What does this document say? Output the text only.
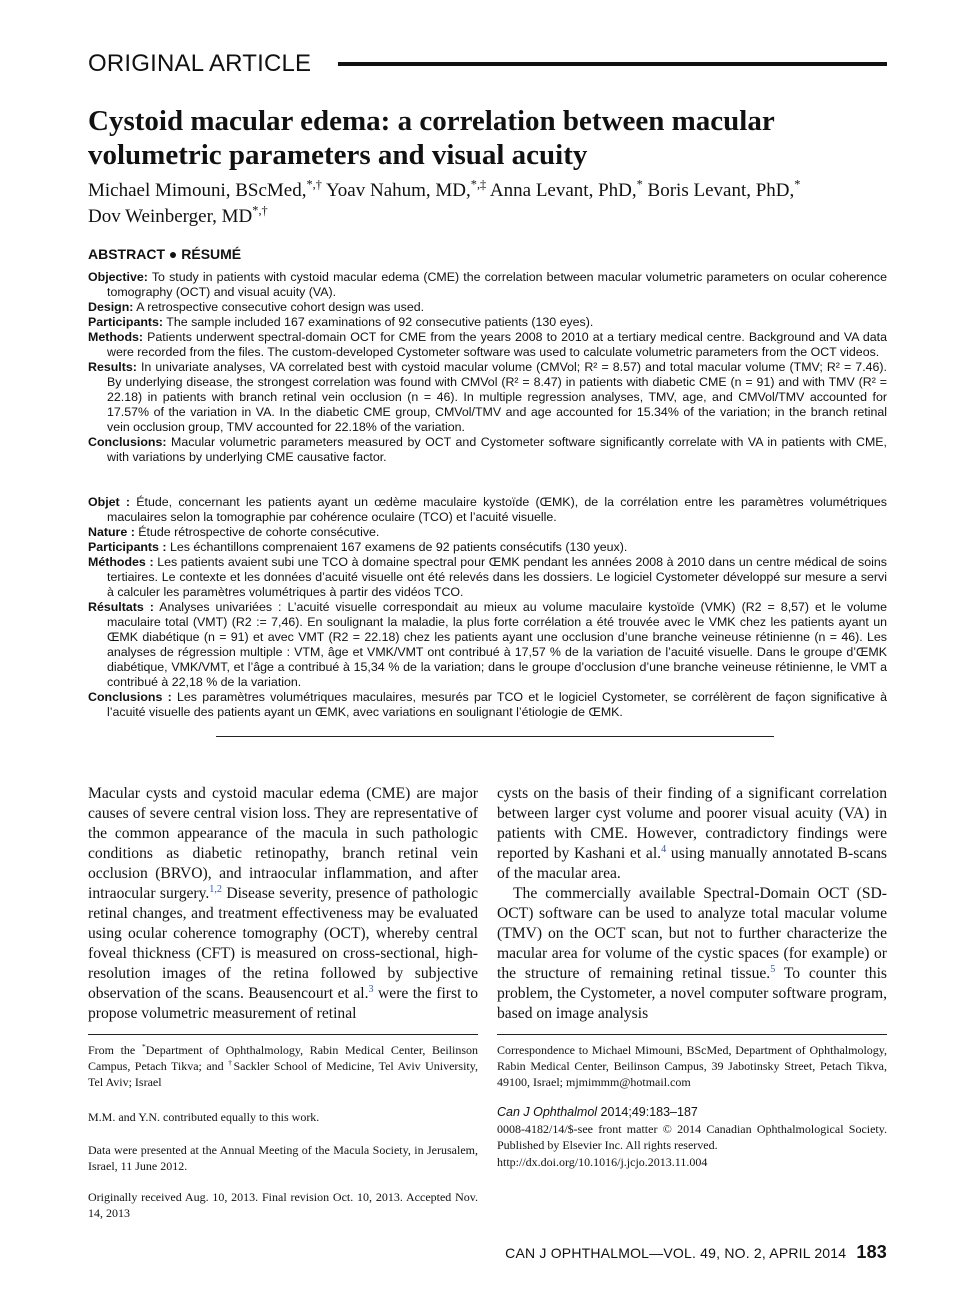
ORIGINAL ARTICLE
Cystoid macular edema: a correlation between macular volumetric parameters and visual acuity
Michael Mimouni, BScMed,*,† Yoav Nahum, MD,*,‡ Anna Levant, PhD,* Boris Levant, PhD,*
Dov Weinberger, MD*,†
ABSTRACT ● RÉSUMÉ

Objective: To study in patients with cystoid macular edema (CME) the correlation between macular volumetric parameters on ocular coherence tomography (OCT) and visual acuity (VA).

Design: A retrospective consecutive cohort design was used.

Participants: The sample included 167 examinations of 92 consecutive patients (130 eyes).

Methods: Patients underwent spectral-domain OCT for CME from the years 2008 to 2010 at a tertiary medical centre. Background and VA data were recorded from the files. The custom-developed Cystometer software was used to calculate volumetric parameters from the OCT videos.

Results: In univariate analyses, VA correlated best with cystoid macular volume (CMVol; R² = 8.57) and total macular volume (TMV; R² = 7.46). By underlying disease, the strongest correlation was found with CMVol (R² = 8.47) in patients with diabetic CME (n = 91) and with TMV (R² = 22.18) in patients with branch retinal vein occlusion (n = 46). In multiple regression analyses, TMV, age, and CMVol/TMV accounted for 17.57% of the variation in VA. In the diabetic CME group, CMVol/TMV and age accounted for 15.34% of the variation; in the branch retinal vein occlusion group, TMV accounted for 22.18% of the variation.

Conclusions: Macular volumetric parameters measured by OCT and Cystometer software significantly correlate with VA in patients with CME, with variations by underlying CME causative factor.

Objet : Étude, concernant les patients ayant un œdème maculaire kystoïde (ŒMK), de la corrélation entre les paramètres volumétriques maculaires selon la tomographie par cohérence oculaire (TCO) et l’acuité visuelle.

Nature : Étude rétrospective de cohorte consécutive.

Participants : Les échantillons comprenaient 167 examens de 92 patients consécutifs (130 yeux).

Méthodes : Les patients avaient subi une TCO à domaine spectral pour ŒMK pendant les années 2008 à 2010 dans un centre médical de soins tertiaires. Le contexte et les données d’acuité visuelle ont été relevés dans les dossiers. Le logiciel Cystometer développé sur mesure a servi à calculer les paramètres volumétriques à partir des vidéos TCO.

Résultats : Analyses univariées : L’acuité visuelle correspondait au mieux au volume maculaire kystoïde (VMK) (R2 = 8,57) et le volume maculaire total (VMT) (R2 := 7,46). En soulignant la maladie, la plus forte corrélation a été trouvée avec le VMK chez les patients ayant un ŒMK diabétique (n = 91) et avec VMT (R2 = 22.18) chez les patients ayant une occlusion d’une branche veineuse rétinienne (n = 46). Les analyses de régression multiple : VTM, âge et VMK/VMT ont contribué à 17,57 % de la variation de l’acuité visuelle. Dans le groupe d’ŒMK diabétique, VMK/VMT, et l’âge a contribué à 15,34 % de la variation; dans le groupe d’occlusion d’une branche veineuse rétinienne, le VMT a contribué à 22,18 % de la variation.

Conclusions : Les paramètres volumétriques maculaires, mesurés par TCO et le logiciel Cystometer, se corrélèrent de façon significative à l’acuité visuelle des patients ayant un ŒMK, avec variations en soulignant l’étiologie de ŒMK.

Macular cysts and cystoid macular edema (CME) are major causes of severe central vision loss. They are representative of the common appearance of the macula in such pathologic conditions as diabetic retinopathy, branch retinal vein occlusion (BRVO), and intraocular inflammation, and after intraocular surgery.$^{1,2}$ Disease severity, presence of pathologic retinal changes, and treatment effectiveness may be evaluated using ocular coherence tomography (OCT), whereby central foveal thickness (CFT) is measured on cross-sectional, high-resolution images of the retina followed by subjective observation of the scans. Beausencourt et al.$^3$ were the first to propose volumetric measurement of retinal

cysts on the basis of their finding of a significant correlation between larger cyst volume and poorer visual acuity (VA) in patients with CME. However, contradictory findings were reported by Kashani et al.$^4$ using manually annotated B-scans of the macular area.

The commercially available Spectral-Domain OCT (SD-OCT) software can be used to analyze total macular volume (TMV) on the OCT scan, but not to further characterize the macular area for volume of the cystic spaces (for example) or the structure of remaining retinal tissue.$^5$ To counter this problem, the Cystometer, a novel computer software program, based on image analysis

From the *Department of Ophthalmology, Rabin Medical Center, Beilinson Campus, Petach Tikva; and †Sackler School of Medicine, Tel Aviv University, Tel Aviv; Israel

M.M. and Y.N. contributed equally to this work.

Data were presented at the Annual Meeting of the Macula Society, in Jerusalem, Israel, 11 June 2012.

Originally received Aug. 10, 2013. Final revision Oct. 10, 2013. Accepted Nov. 14, 2013

Correspondence to Michael Mimouni, BScMed, Department of Ophthalmology, Rabin Medical Center, Beilinson Campus, 39 Jabotinsky Street, Petach Tikva, 49100, Israel; mjmimmm@hotmail.com

Can J Ophthalmol 2014;49:183–187

0008-4182/14/$-see front matter © 2014 Canadian Ophthalmological Society. Published by Elsevier Inc. All rights reserved.

http://dx.doi.org/10.1016/j.jcjo.2013.11.004

CAN J OPHTHALMOL—VOL. 49, NO. 2, APRIL 2014 183
